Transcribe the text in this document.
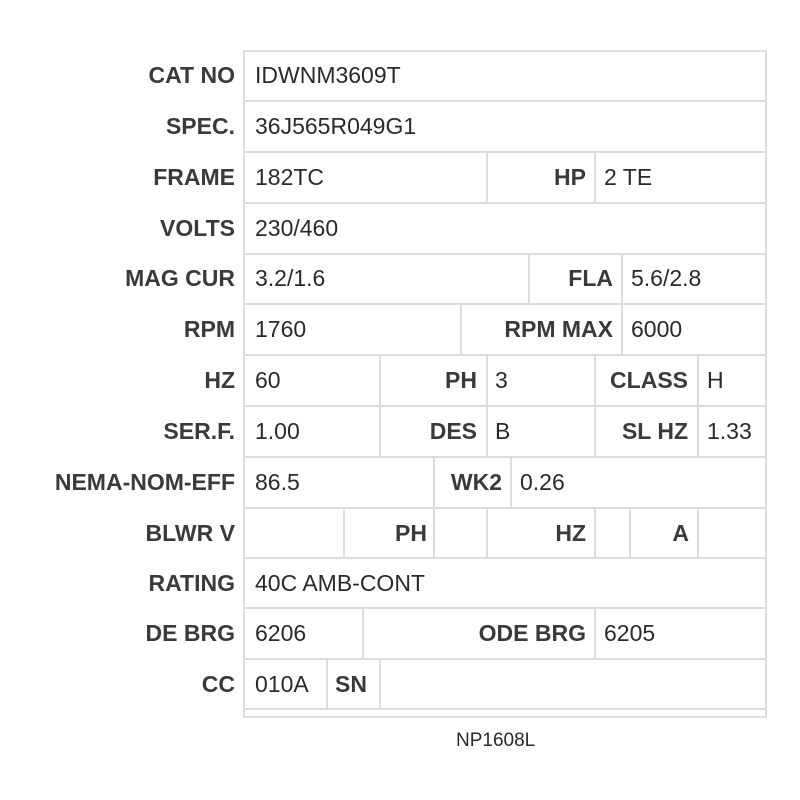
CAT NO IDWNM3609T
SPEC. 36J565R049G1
FRAME 182TC	HP 2 TE
VOLTS 230/460
MAG CUR 3.2/1.6	FLA 5.6/2.8
RPM 1760	RPM MAX 6000
HZ 60	PH 3	CLASS H
SER.F. 1.00	DES B	SL HZ 1.33
NEMA-NOM-EFF 86.5	WK2 0.26
BLWR V	PH	HZ	A
RATING 40C AMB-CONT
DE BRG 6206	ODE BRG 6205
CC 010A SN
NP1608L
